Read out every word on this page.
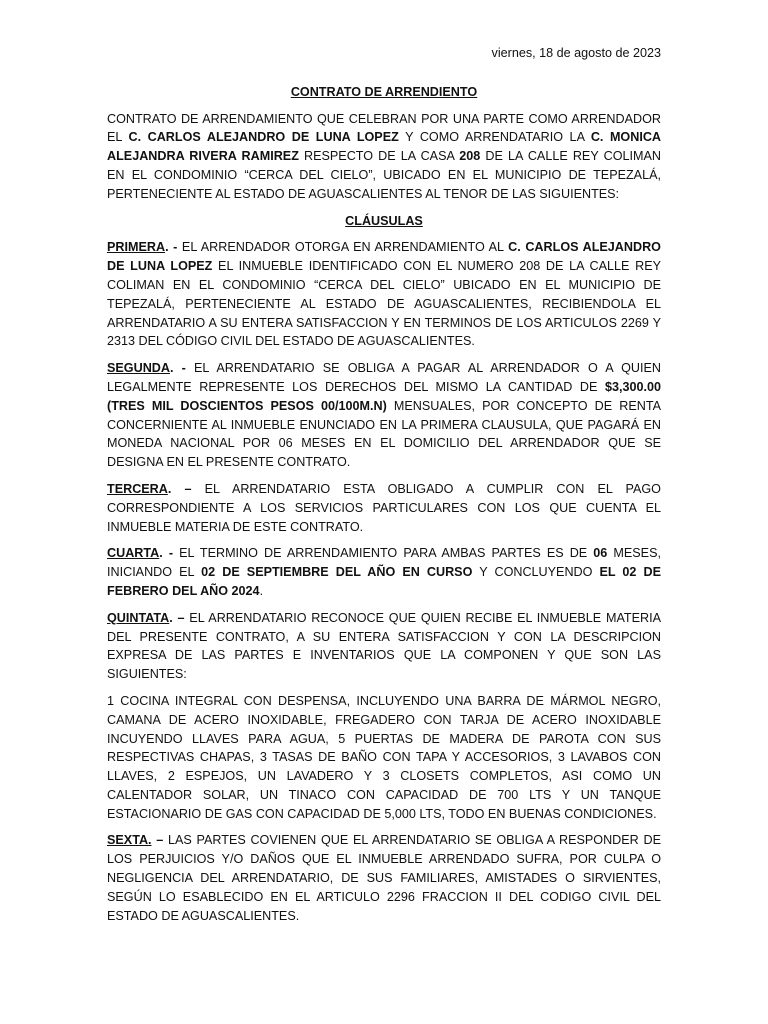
viernes, 18 de agosto de 2023

CONTRATO DE ARRENDIENTO

CONTRATO DE ARRENDAMIENTO QUE CELEBRAN POR UNA PARTE COMO ARRENDADOR EL C. CARLOS ALEJANDRO DE LUNA LOPEZ Y COMO ARRENDATARIO LA C. MONICA ALEJANDRA RIVERA RAMIREZ RESPECTO DE LA CASA 208 DE LA CALLE REY COLIMAN EN EL CONDOMINIO “CERCA DEL CIELO”, UBICADO EN EL MUNICIPIO DE TEPEZALÁ, PERTENECIENTE AL ESTADO DE AGUASCALIENTES AL TENOR DE LAS SIGUIENTES:

CLÁUSULAS

PRIMERA. - EL ARRENDADOR OTORGA EN ARRENDAMIENTO AL C. CARLOS ALEJANDRO DE LUNA LOPEZ EL INMUEBLE IDENTIFICADO CON EL NUMERO 208 DE LA CALLE REY COLIMAN EN EL CONDOMINIO “CERCA DEL CIELO” UBICADO EN EL MUNICIPIO DE TEPEZALÁ, PERTENECIENTE AL ESTADO DE AGUASCALIENTES, RECIBIENDOLA EL ARRENDATARIO A SU ENTERA SATISFACCION Y EN TERMINOS DE LOS ARTICULOS 2269 Y 2313 DEL CÓDIGO CIVIL DEL ESTADO DE AGUASCALIENTES.

SEGUNDA. - EL ARRENDATARIO SE OBLIGA A PAGAR AL ARRENDADOR O A QUIEN LEGALMENTE REPRESENTE LOS DERECHOS DEL MISMO LA CANTIDAD DE $3,300.00 (TRES MIL DOSCIENTOS PESOS 00/100M.N) MENSUALES, POR CONCEPTO DE RENTA CONCERNIENTE AL INMUEBLE ENUNCIADO EN LA PRIMERA CLAUSULA, QUE PAGARÁ EN MONEDA NACIONAL POR 06 MESES EN EL DOMICILIO DEL ARRENDADOR QUE SE DESIGNA EN EL PRESENTE CONTRATO.

TERCERA. – EL ARRENDATARIO ESTA OBLIGADO A CUMPLIR CON EL PAGO CORRESPONDIENTE A LOS SERVICIOS PARTICULARES CON LOS QUE CUENTA EL INMUEBLE MATERIA DE ESTE CONTRATO.

CUARTA. - EL TERMINO DE ARRENDAMIENTO PARA AMBAS PARTES ES DE 06 MESES, INICIANDO EL 02 DE SEPTIEMBRE DEL AÑO EN CURSO Y CONCLUYENDO EL 02 DE FEBRERO DEL AÑO 2024.

QUINTATA. – EL ARRENDATARIO RECONOCE QUE QUIEN RECIBE EL INMUEBLE MATERIA DEL PRESENTE CONTRATO, A SU ENTERA SATISFACCION Y CON LA DESCRIPCION EXPRESA DE LAS PARTES E INVENTARIOS QUE LA COMPONEN Y QUE SON LAS SIGUIENTES:

1 COCINA INTEGRAL CON DESPENSA, INCLUYENDO UNA BARRA DE MÁRMOL NEGRO, CAMANA DE ACERO INOXIDABLE, FREGADERO CON TARJA DE ACERO INOXIDABLE INCUYENDO LLAVES PARA AGUA, 5 PUERTAS DE MADERA DE PAROTA CON SUS RESPECTIVAS CHAPAS, 3 TASAS DE BAÑO CON TAPA Y ACCESORIOS, 3 LAVABOS CON LLAVES, 2 ESPEJOS, UN LAVADERO Y 3 CLOSETS COMPLETOS, ASI COMO UN CALENTADOR SOLAR, UN TINACO CON CAPACIDAD DE 700 LTS Y UN TANQUE ESTACIONARIO DE GAS CON CAPACIDAD DE 5,000 LTS, TODO EN BUENAS CONDICIONES.

SEXTA. – LAS PARTES COVIENEN QUE EL ARRENDATARIO SE OBLIGA A RESPONDER DE LOS PERJUICIOS Y/O DAÑOS QUE EL INMUEBLE ARRENDADO SUFRA, POR CULPA O NEGLIGENCIA DEL ARRENDATARIO, DE SUS FAMILIARES, AMISTADES O SIRVIENTES, SEGÚN LO ESABLECIDO EN EL ARTICULO 2296 FRACCION II DEL CODIGO CIVIL DEL ESTADO DE AGUASCALIENTES.
